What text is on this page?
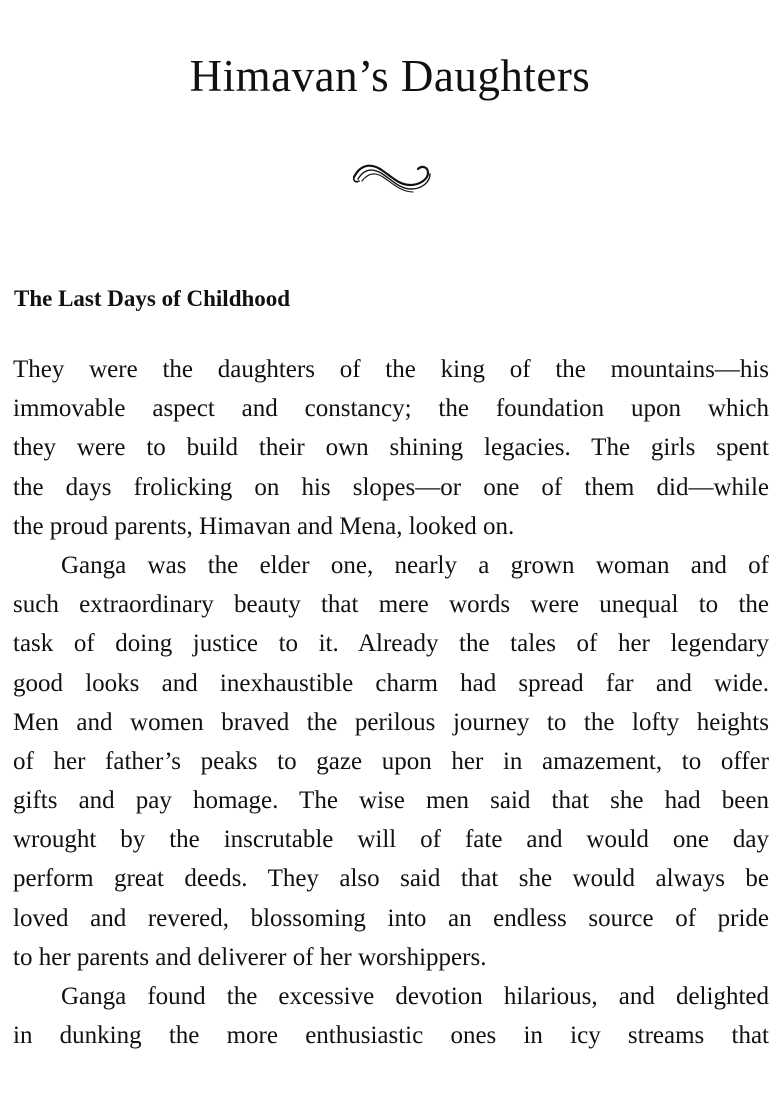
Himavan’s Daughters
The Last Days of Childhood
They were the daughters of the king of the mountains—his
immovable aspect and constancy; the foundation upon which
they were to build their own shining legacies. The girls spent
the days frolicking on his slopes—or one of them did—while
the proud parents, Himavan and Mena, looked on.
Ganga was the elder one, nearly a grown woman and of
such extraordinary beauty that mere words were unequal to the
task of doing justice to it. Already the tales of her legendary
good looks and inexhaustible charm had spread far and wide.
Men and women braved the perilous journey to the lofty heights
of her father’s peaks to gaze upon her in amazement, to offer
gifts and pay homage. The wise men said that she had been
wrought by the inscrutable will of fate and would one day
perform great deeds. They also said that she would always be
loved and revered, blossoming into an endless source of pride
to her parents and deliverer of her worshippers.
Ganga found the excessive devotion hilarious, and delighted
in dunking the more enthusiastic ones in icy streams that
